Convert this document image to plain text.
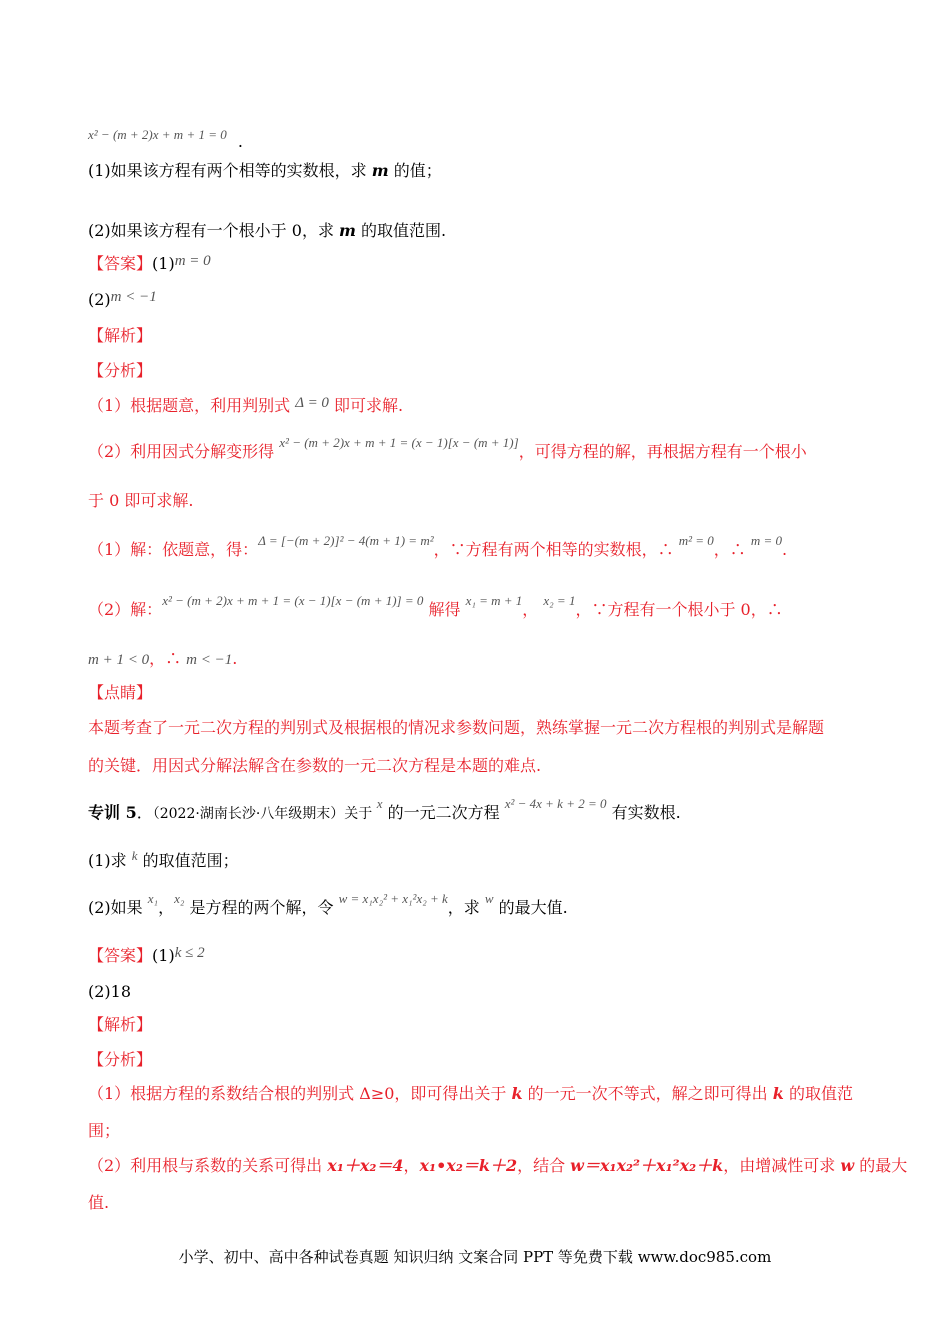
x² − (m + 2)x + m + 1 = 0 .
(1)如果该方程有两个相等的实数根，求 m 的值；
(2)如果该方程有一个根小于 0，求 m 的取值范围.
【答案】(1)m = 0
(2)m < −1
【解析】
【分析】
（1）根据题意，利用判别式 Δ = 0 即可求解.
（2）利用因式分解变形得 $^{x^2 - (m + 2)x + m + 1 = (x - 1)[x - (m + 1)]}$，可得方程的解，再根据方程有一个根小
于 0 即可求解.
（1）解：依题意，得：$^{\Delta = [-(m + 2)]^2 - 4(m + 1) = m^2}$，∵方程有两个相等的实数根，∴ $^{m^2 = 0}$，∴ $^{m = 0}$.
（2）解：$^{x^2 - (m + 2)x + m + 1 = (x - 1)[x - (m + 1)] = 0}$ 解得 $^{x_1 = m + 1}$， $^{x_2 = 1}$，∵方程有一个根小于 0，∴
m + 1 < 0，∴ m < −1.
【点睛】
本题考查了一元二次方程的判别式及根据根的情况求参数问题，熟练掌握一元二次方程根的判别式是解题
的关键．用因式分解法解含在参数的一元二次方程是本题的难点.
专训 5．（2022·湖南长沙·八年级期末）关于 $^x$ 的一元二次方程 $^{x^2 - 4x + k + 2 = 0}$ 有实数根.
(1)求 $^k$ 的取值范围；
(2)如果 $^{x_1}$，$^{x_2}$ 是方程的两个解，令 $^{w = x_1x_2^2 + x_1^2x_2 + k}$，求 $^w$ 的最大值.
【答案】(1)k ≤ 2
(2)18
【解析】
【分析】
（1）根据方程的系数结合根的判别式 Δ≥0，即可得出关于 k 的一元一次不等式，解之即可得出 k 的取值范
围；
（2）利用根与系数的关系可得出 x₁＋x₂＝4，x₁•x₂＝k＋2，结合 w＝x₁x₂²＋x₁²x₂＋k，由增减性可求 w 的最大
值.
小学、初中、高中各种试卷真题 知识归纳 文案合同 PPT 等免费下载 www.doc985.com
